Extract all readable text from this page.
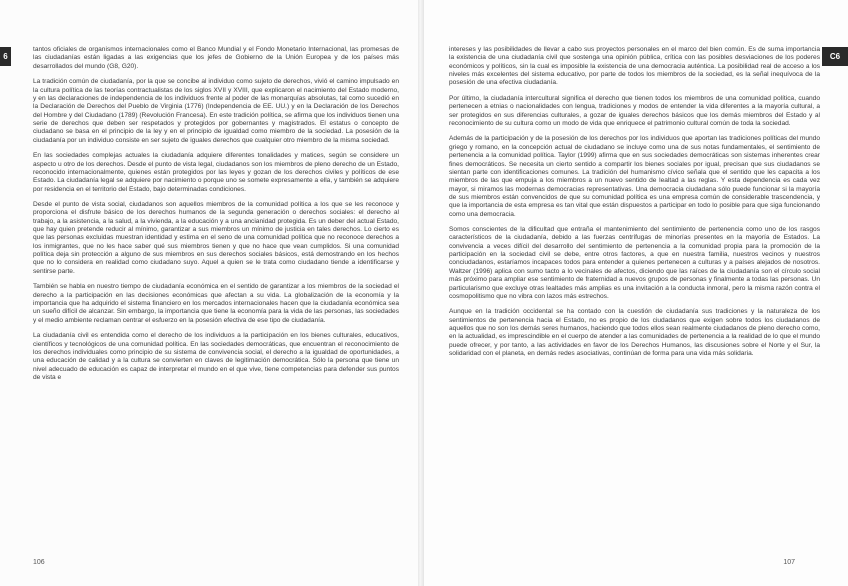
6

tantos oficiales de organismos internacionales como el Banco Mundial y el Fondo Monetario Internacional, las promesas de las ciudadanías están ligadas a las exigencias que los jefes de Gobierno de la Unión Europea y de los países más desarrollados del mundo (G8, G20).

La tradición común de ciudadanía, por la que se concibe al individuo como sujeto de derechos, vivió el camino impulsado en la cultura política de las teorías contractualistas de los siglos XVII y XVIII, que explicaron el nacimiento del Estado moderno, y en las declaraciones de independencia de los individuos frente al poder de las monarquías absolutas, tal como sucedió en la Declaración de Derechos del Pueblo de Virginia (1776) (Independencia de EE. UU.) y en la Declaración de los Derechos del Hombre y del Ciudadano (1789) (Revolución Francesa). En este tradición política, se afirma que los individuos tienen una serie de derechos que deben ser respetados y protegidos por gobernantes y magistrados. El estatus o concepto de ciudadano se basa en el principio de la ley y en el principio de igualdad como miembro de la sociedad. La posesión de la ciudadanía por un individuo consiste en ser sujeto de iguales derechos que cualquier otro miembro de la misma sociedad.

En las sociedades complejas actuales la ciudadanía adquiere diferentes tonalidades y matices, según se considere un aspecto u otro de los derechos. Desde el punto de vista legal, ciudadanos son los miembros de pleno derecho de un Estado, reconocido internacionalmente, quienes están protegidos por las leyes y gozan de los derechos civiles y políticos de ese Estado. La ciudadanía legal se adquiere por nacimiento o porque uno se somete expresamente a ella, y también se adquiere por residencia en el territorio del Estado, bajo determinadas condiciones.

Desde el punto de vista social, ciudadanos son aquellos miembros de la comunidad política a los que se les reconoce y proporciona el disfrute básico de los derechos humanos de la segunda generación o derechos sociales: el derecho al trabajo, a la asistencia, a la salud, a la vivienda, a la educación y a una ancianidad protegida. Es un deber del actual Estado, que hay quien pretende reducir al mínimo, garantizar a sus miembros un mínimo de justicia en tales derechos. Lo cierto es que las personas excluidas muestran identidad y estima en el seno de una comunidad política que no reconoce derechos a los inmigrantes, que no les hace saber qué sus miembros tienen y que no hace que vean cumplidos. Si una comunidad política deja sin protección a alguno de sus miembros en sus derechos sociales básicos, está demostrando en los hechos que no lo considera en realidad como ciudadano suyo. Aquel a quien se le trata como ciudadano tiende a identificarse y sentirse parte.

También se habla en nuestro tiempo de ciudadanía económica en el sentido de garantizar a los miembros de la sociedad el derecho a la participación en las decisiones económicas que afectan a su vida. La globalización de la economía y la importancia que ha adquirido el sistema financiero en los mercados internacionales hacen que la ciudadanía económica sea un sueño difícil de alcanzar. Sin embargo, la importancia que tiene la economía para la vida de las personas, las sociedades y el medio ambiente reclaman centrar el esfuerzo en la posesión efectiva de ese tipo de ciudadanía.

La ciudadanía civil es entendida como el derecho de los individuos a la participación en los bienes culturales, educativos, científicos y tecnológicos de una comunidad política. En las sociedades democráticas, que encuentran el reconocimiento de los derechos individuales como principio de su sistema de convivencia social, el derecho a la igualdad de oportunidades, a una educación de calidad y a la cultura se convierten en claves de legitimación democrática. Sólo la persona que tiene un nivel adecuado de educación es capaz de interpretar el mundo en el que vive, tiene competencias para defender sus puntos de vista e

106
C6

intereses y las posibilidades de llevar a cabo sus proyectos personales en el marco del bien común. Es de suma importancia la existencia de una ciudadanía civil que sostenga una opinión pública, crítica con las posibles desviaciones de los poderes económicos y políticos, sin la cual es imposible la existencia de una democracia auténtica. La posibilidad real de acceso a los niveles más excelentes del sistema educativo, por parte de todos los miembros de la sociedad, es la señal inequívoca de la posesión de una efectiva ciudadanía.

Por último, la ciudadanía intercultural significa el derecho que tienen todos los miembros de una comunidad política, cuando pertenecen a etnias o nacionalidades con lengua, tradiciones y modos de entender la vida diferentes a la mayoría cultural, a ser protegidos en sus diferencias culturales, a gozar de iguales derechos básicos que los demás miembros del Estado y al reconocimiento de su cultura como un modo de vida que enriquece el patrimonio cultural común de toda la sociedad.

Además de la participación y de la posesión de los derechos por los individuos que aportan las tradiciones políticas del mundo griego y romano, en la concepción actual de ciudadano se incluye como una de sus notas fundamentales, el sentimiento de pertenencia a la comunidad política. Taylor (1999) afirma que en sus sociedades democráticas son sistemas inherentes crear fines democráticos. Se necesita un cierto sentido a compartir los bienes sociales por igual, precisan que sus ciudadanos se sientan parte con identificaciones comunes. La tradición del humanismo cívico señala que el sentido que les capacita a los miembros de las que empuja a los miembros a un nuevo sentido de lealtad a las reglas. Y esta dependencia es cada vez mayor, si miramos las modernas democracias representativas. Una democracia ciudadana sólo puede funcionar si la mayoría de sus miembros están convencidos de que su comunidad política es una empresa común de considerable trascendencia, y que la importancia de esta empresa es tan vital que están dispuestos a participar en todo lo posible para que siga funcionando como una democracia.

Somos conscientes de la dificultad que entraña el mantenimiento del sentimiento de pertenencia como uno de los rasgos característicos de la ciudadanía, debido a las fuerzas centrífugas de minorías presentes en la mayoría de Estados. La convivencia a veces difícil del desarrollo del sentimiento de pertenencia a la comunidad propia para la promoción de la participación en la sociedad civil se debe, entre otros factores, a que en nuestra familia, nuestros vecinos y nuestros conciudadanos, estaríamos incapaces todos para entender a quienes pertenecen a culturas y a países alejados de nosotros. Waltzer (1996) aplica con sumo tacto a lo vecinales de afectos, diciendo que las raíces de la ciudadanía son el círculo social más próximo para ampliar ese sentimiento de fraternidad a nuevos grupos de personas y finalmente a todas las personas. Un particularismo que excluye otras lealtades más amplias es una invitación a la conducta inmoral, pero la misma razón contra el cosmopolitismo que no vibra con lazos más estrechos.

Aunque en la tradición occidental se ha contado con la cuestión de ciudadanía sus tradiciones y la naturaleza de los sentimientos de pertenencia hacia el Estado, no es propio de los ciudadanos que exigen sobre todos los ciudadanos de aquellos que no son los demás seres humanos, haciendo que todos ellos sean realmente ciudadanos de pleno derecho como, en la actualidad, es imprescindible en el cuerpo de atender a las comunidades de pertenencia a la realidad de lo que el mundo puede ofrecer, y por tanto, a las actividades en favor de los Derechos Humanos, las discusiones sobre el Norte y el Sur, la solidaridad con el planeta, en demás redes asociativas, continúan de forma para una vida más solidaria.

107
